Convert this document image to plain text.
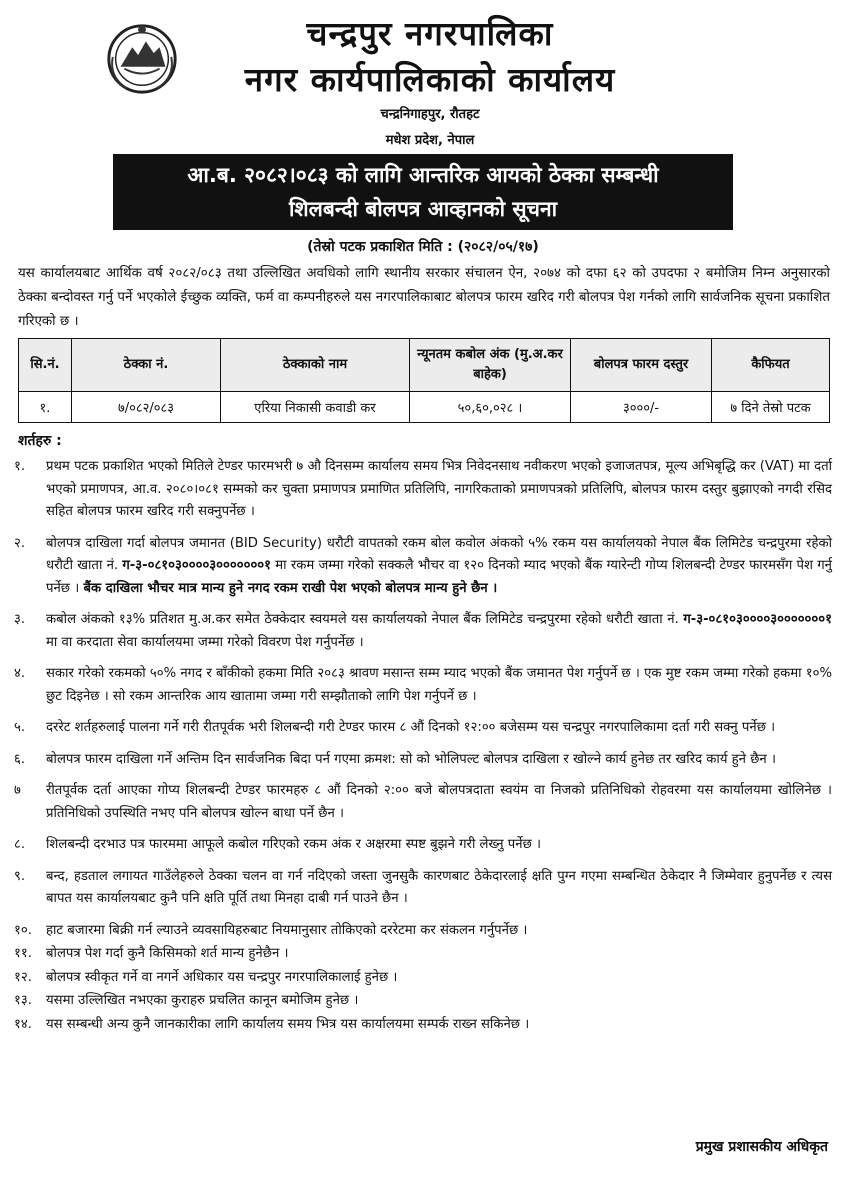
चन्द्रपुर नगरपालिका
नगर कार्यपालिकाको कार्यालय
चन्द्रनिगाहपुर, रौतहट
मधेश प्रदेश, नेपाल
आ.ब. २०८२।०८३ को लागि आन्तरिक आयको ठेक्का सम्बन्धी
शिलबन्दी बोलपत्र आव्हानको सूचना
(तेस्रो पटक प्रकाशित मिति : (२०८२/०५/१७)
यस कार्यालयबाट आर्थिक वर्ष २०८२/०८३ तथा उल्लिखित अवधिको लागि स्थानीय सरकार संचालन ऐन, २०७४ को दफा ६२ को उपदफा २ बमोजिम निम्न अनुसारको ठेक्का बन्दोवस्त गर्नु पर्ने भएकोले ईच्छुक व्यक्ति, फर्म वा कम्पनीहरुले यस नगरपालिकाबाट बोलपत्र फारम खरिद गरी बोलपत्र पेश गर्नको लागि सार्वजनिक सूचना प्रकाशित गरिएको छ ।
सि.नं.	ठेक्का नं.	ठेक्काको नाम	न्यूनतम कबोल अंक (मु.अ.कर बाहेक)	बोलपत्र फारम दस्तुर	कैफियत
१.	७/०८२/०८३	एरिया निकासी कवाडी कर	५०,६०,०२८ ।	३०००/-	७ दिने तेस्रो पटक
शर्तहरु :
१.	प्रथम पटक प्रकाशित भएको मितिले टेण्डर फारमभरी ७ औ दिनसम्म कार्यालय समय भित्र निवेदनसाथ नवीकरण भएको इजाजतपत्र, मूल्य अभिबृद्धि कर (VAT) मा दर्ता भएको प्रमाणपत्र, आ.व. २०८०।०८१ सम्मको कर चुक्ता प्रमाणपत्र प्रमाणित प्रतिलिपि, नागरिकताको प्रमाणपत्रको प्रतिलिपि, बोलपत्र फारम दस्तुर बुझाएको नगदी रसिद सहित बोलपत्र फारम खरिद गरी सक्नुपर्नेछ ।
२.	बोलपत्र दाखिला गर्दा बोलपत्र जमानत (BID Security) धरौटी वापतको रकम बोल कवोल अंकको ५% रकम यस कार्यालयको नेपाल बैंक लिमिटेड चन्द्रपुरमा रहेको धरौटी खाता नं. ग-३-०८१०३००००३०००००००१ मा रकम जम्मा गरेको सक्कलै भौचर वा १२० दिनको म्याद भएको बैंक ग्यारेन्टी गोप्य शिलबन्दी टेण्डर फारमसँग पेश गर्नु पर्नेछ । बैंक दाखिला भौचर मात्र मान्य हुने नगद रकम राखी पेश भएको बोलपत्र मान्य हुने छैन ।
३.	कबोल अंकको १३% प्रतिशत मु.अ.कर समेत ठेक्केदार स्वयमले यस कार्यालयको नेपाल बैंक लिमिटेड चन्द्रपुरमा रहेको धरौटी खाता नं. ग-३-०८१०३००००३०००००००१ मा वा करदाता सेवा कार्यालयमा जम्मा गरेको विवरण पेश गर्नुपर्नेछ ।
४.	सकार गरेको रकमको ५०% नगद र बाँकीको हकमा मिति २०८३ श्रावण मसान्त सम्म म्याद भएको बैंक जमानत पेश गर्नुपर्ने छ । एक मुष्ट रकम जम्मा गरेको हकमा १०% छुट दिइनेछ । सो रकम आन्तरिक आय खातामा जम्मा गरी सम्झौताको लागि पेश गर्नुपर्ने छ ।
५.	दररेट शर्तहरुलाई पालना गर्ने गरी रीतपूर्वक भरी शिलबन्दी गरी टेण्डर फारम ८ औं दिनको १२:०० बजेसम्म यस चन्द्रपुर नगरपालिकामा दर्ता गरी सक्नु पर्नेछ ।
६.	बोलपत्र फारम दाखिला गर्ने अन्तिम दिन सार्वजनिक बिदा पर्न गएमा क्रमश: सो को भोलिपल्ट बोलपत्र दाखिला र खोल्ने कार्य हुनेछ तर खरिद कार्य हुने छैन ।
७	रीतपूर्वक दर्ता आएका गोप्य शिलबन्दी टेण्डर फारमहरु ८ औं दिनको २:०० बजे बोलपत्रदाता स्वयंम वा निजको प्रतिनिधिको रोहवरमा यस कार्यालयमा खोलिनेछ । प्रतिनिधिको उपस्थिति नभए पनि बोलपत्र खोल्न बाधा पर्ने छैन ।
८.	शिलबन्दी दरभाउ पत्र फारममा आफूले कबोल गरिएको रकम अंक र अक्षरमा स्पष्ट बुझने गरी लेख्नु पर्नेछ ।
९.	बन्द, हडताल लगायत गाउँलेहरुले ठेक्का चलन वा गर्न नदिएको जस्ता जुनसुकै कारणबाट ठेकेदारलाई क्षति पुग्न गएमा सम्बन्धित ठेकेदार नै जिम्मेवार हुनुपर्नेछ र त्यस बापत यस कार्यालयबाट कुनै पनि क्षति पूर्ति तथा मिनहा दाबी गर्न पाउने छैन ।
१०.	हाट बजारमा बिक्री गर्न ल्याउने व्यवसायिहरुबाट नियमानुसार तोकिएको दररेटमा कर संकलन गर्नुपर्नेछ ।
११.	बोलपत्र पेश गर्दा कुनै किसिमको शर्त मान्य हुनेछैन ।
१२.	बोलपत्र स्वीकृत गर्ने वा नगर्ने अधिकार यस चन्द्रपुर नगरपालिकालाई हुनेछ ।
१३.	यसमा उल्लिखित नभएका कुराहरु प्रचलित कानून बमोजिम हुनेछ ।
१४.	यस सम्बन्धी अन्य कुनै जानकारीका लागि कार्यालय समय भित्र यस कार्यालयमा सम्पर्क राख्न सकिनेछ ।
प्रमुख प्रशासकीय अधिकृत
